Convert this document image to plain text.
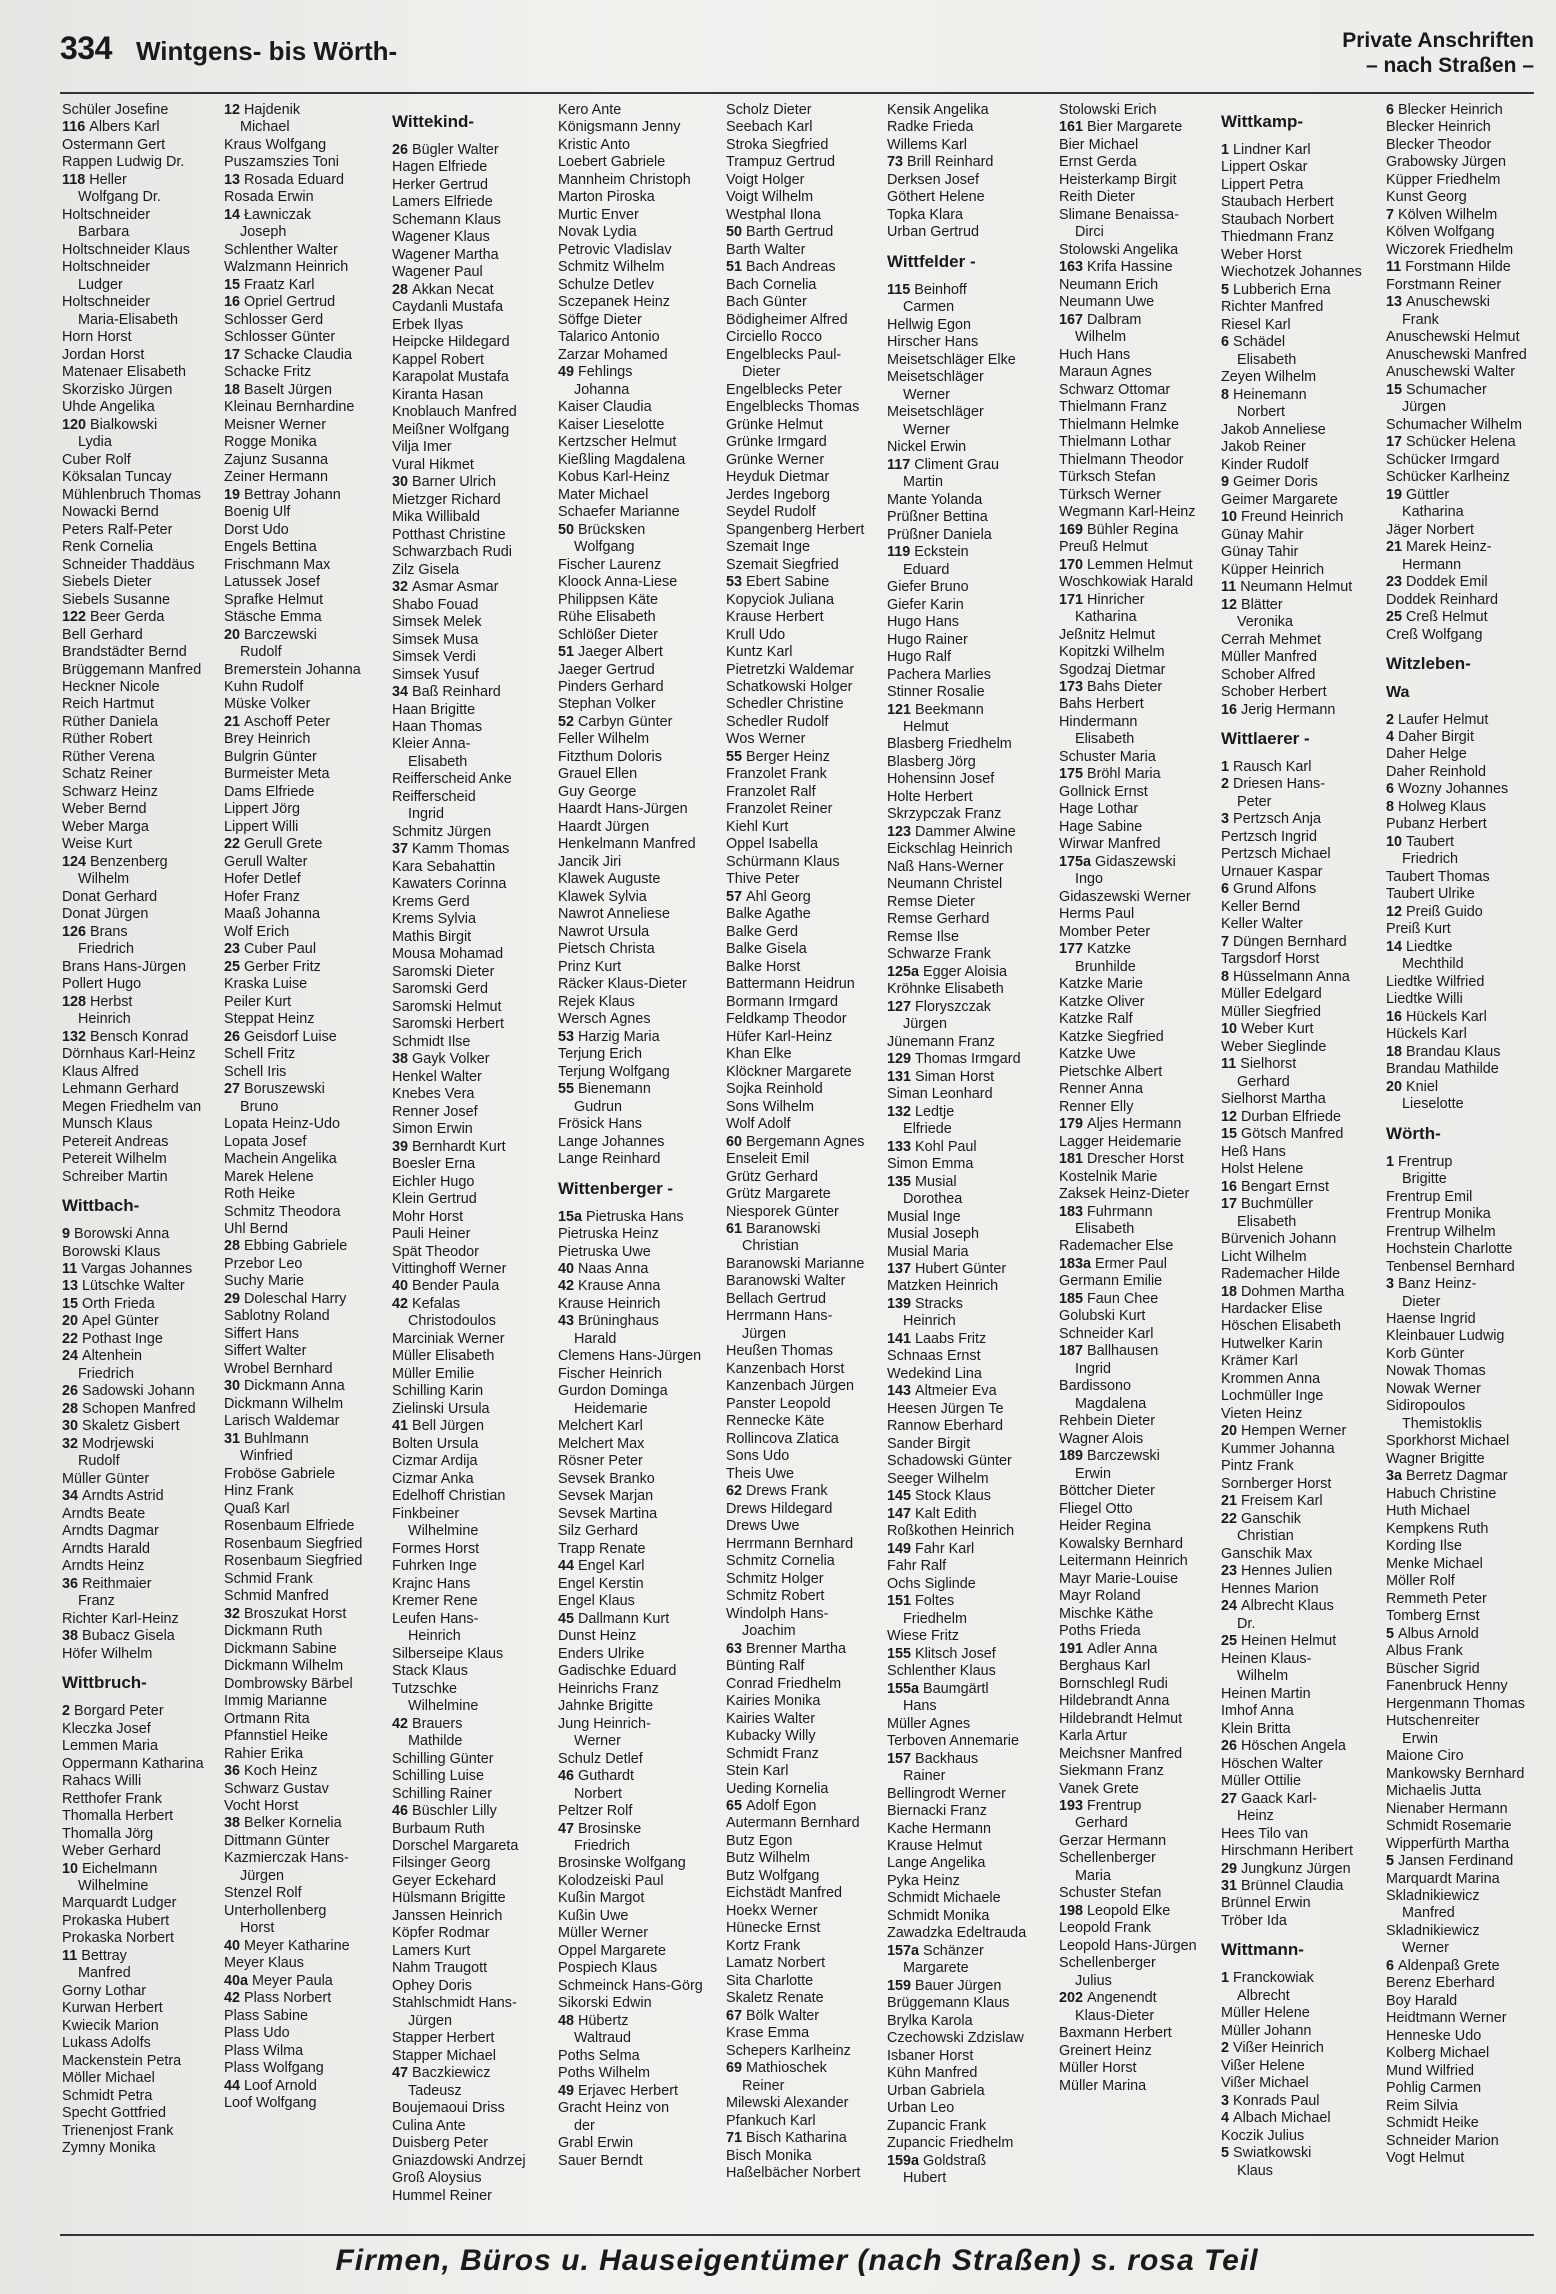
334 Wintgens- bis Wörth-	Private Anschriften
– nach Straßen –
Schüler Josefine
116 Albers Karl
Ostermann Gert
Rappen Ludwig Dr.
118 Heller
Wolfgang Dr.
Holtschneider
Barbara
Holtschneider Klaus
Holtschneider
Ludger
Holtschneider
Maria-Elisabeth
Horn Horst
Jordan Horst
Matenaer Elisabeth
Skorzisko Jürgen
Uhde Angelika
120 Bialkowski
Lydia
Cuber Rolf
Köksalan Tuncay
Mühlenbruch Thomas
Nowacki Bernd
Peters Ralf-Peter
Renk Cornelia
Schneider Thaddäus
Siebels Dieter
Siebels Susanne
122 Beer Gerda
Bell Gerhard
Brandstädter Bernd
Brüggemann Manfred
Heckner Nicole
Reich Hartmut
Rüther Daniela
Rüther Robert
Rüther Verena
Schatz Reiner
Schwarz Heinz
Weber Bernd
Weber Marga
Weise Kurt
124 Benzenberg
Wilhelm
Donat Gerhard
Donat Jürgen
126 Brans
Friedrich
Brans Hans-Jürgen
Pollert Hugo
128 Herbst
Heinrich
132 Bensch Konrad
Dörnhaus Karl-Heinz
Klaus Alfred
Lehmann Gerhard
Megen Friedhelm van
Munsch Klaus
Petereit Andreas
Petereit Wilhelm
Schreiber Martin
Wittbach-
9 Borowski Anna
Borowski Klaus
11 Vargas Johannes
13 Lütschke Walter
15 Orth Frieda
20 Apel Günter
22 Pothast Inge
24 Altenhein
Friedrich
26 Sadowski Johann
28 Schopen Manfred
30 Skaletz Gisbert
32 Modrjewski
Rudolf
Müller Günter
34 Arndts Astrid
Arndts Beate
Arndts Dagmar
Arndts Harald
Arndts Heinz
36 Reithmaier
Franz
Richter Karl-Heinz
38 Bubacz Gisela
Höfer Wilhelm
Wittbruch-
2 Borgard Peter
Kleczka Josef
Lemmen Maria
Oppermann Katharina
Rahacs Willi
Retthofer Frank
Thomalla Herbert
Thomalla Jörg
Weber Gerhard
10 Eichelmann
Wilhelmine
Marquardt Ludger
Prokaska Hubert
Prokaska Norbert
11 Bettray
Manfred
Gorny Lothar
Kurwan Herbert
Kwiecik Marion
Lukass Adolfs
Mackenstein Petra
Möller Michael
Schmidt Petra
Specht Gottfried
Trienenjost Frank
Zymny Monika
12 Hajdenik
Michael
Kraus Wolfgang
Puszamszies Toni
13 Rosada Eduard
Rosada Erwin
14 Ławniczak
Joseph
Schlenther Walter
Walzmann Heinrich
15 Fraatz Karl
16 Opriel Gertrud
Schlosser Gerd
Schlosser Günter
17 Schacke Claudia
Schacke Fritz
18 Baselt Jürgen
Kleinau Bernhardine
Meisner Werner
Rogge Monika
Zajunz Susanna
Zeiner Hermann
19 Bettray Johann
Boenig Ulf
Dorst Udo
Engels Bettina
Frischmann Max
Latussek Josef
Sprafke Helmut
Stäsche Emma
20 Barczewski
Rudolf
Bremerstein Johanna
Kuhn Rudolf
Müske Volker
21 Aschoff Peter
Brey Heinrich
Bulgrin Günter
Burmeister Meta
Dams Elfriede
Lippert Jörg
Lippert Willi
22 Gerull Grete
Gerull Walter
Hofer Detlef
Hofer Franz
Maaß Johanna
Wolf Erich
23 Cuber Paul
25 Gerber Fritz
Kraska Luise
Peiler Kurt
Steppat Heinz
26 Geisdorf Luise
Schell Fritz
Schell Iris
27 Boruszewski
Bruno
Lopata Heinz-Udo
Lopata Josef
Machein Angelika
Marek Helene
Roth Heike
Schmitz Theodora
Uhl Bernd
28 Ebbing Gabriele
Przebor Leo
Suchy Marie
29 Doleschal Harry
Sablotny Roland
Siffert Hans
Siffert Walter
Wrobel Bernhard
30 Dickmann Anna
Dickmann Wilhelm
Larisch Waldemar
31 Buhlmann
Winfried
Froböse Gabriele
Hinz Frank
Quaß Karl
Rosenbaum Elfriede
Rosenbaum Siegfried
Rosenbaum Siegfried
Schmid Frank
Schmid Manfred
32 Broszukat Horst
Dickmann Ruth
Dickmann Sabine
Dickmann Wilhelm
Dombrowsky Bärbel
Immig Marianne
Ortmann Rita
Pfannstiel Heike
Rahier Erika
36 Koch Heinz
Schwarz Gustav
Vocht Horst
38 Belker Kornelia
Dittmann Günter
Kazmierczak Hans-
Jürgen
Stenzel Rolf
Unterhollenberg
Horst
40 Meyer Katharine
Meyer Klaus
40a Meyer Paula
42 Plass Norbert
Plass Sabine
Plass Udo
Plass Wilma
Plass Wolfgang
44 Loof Arnold
Loof Wolfgang
Wittekind-
26 Bügler Walter
Hagen Elfriede
Herker Gertrud
Lamers Elfriede
Schemann Klaus
Wagener Klaus
Wagener Martha
Wagener Paul
28 Akkan Necat
Caydanli Mustafa
Erbek Ilyas
Heipcke Hildegard
Kappel Robert
Karapolat Mustafa
Kiranta Hasan
Knoblauch Manfred
Meißner Wolfgang
Vilja Imer
Vural Hikmet
30 Barner Ulrich
Mietzger Richard
Mika Willibald
Potthast Christine
Schwarzbach Rudi
Zilz Gisela
32 Asmar Asmar
Shabo Fouad
Simsek Melek
Simsek Musa
Simsek Verdi
Simsek Yusuf
34 Baß Reinhard
Haan Brigitte
Haan Thomas
Kleier Anna-
Elisabeth
Reifferscheid Anke
Reifferscheid
Ingrid
Schmitz Jürgen
37 Kamm Thomas
Kara Sebahattin
Kawaters Corinna
Krems Gerd
Krems Sylvia
Mathis Birgit
Mousa Mohamad
Saromski Dieter
Saromski Gerd
Saromski Helmut
Saromski Herbert
Schmidt Ilse
38 Gayk Volker
Henkel Walter
Knebes Vera
Renner Josef
Simon Erwin
39 Bernhardt Kurt
Boesler Erna
Eichler Hugo
Klein Gertrud
Mohr Horst
Pauli Heiner
Spät Theodor
Vittinghoff Werner
40 Bender Paula
42 Kefalas
Christodoulos
Marciniak Werner
Müller Elisabeth
Müller Emilie
Schilling Karin
Zielinski Ursula
41 Bell Jürgen
Bolten Ursula
Cizmar Ardija
Cizmar Anka
Edelhoff Christian
Finkbeiner
Wilhelmine
Formes Horst
Fuhrken Inge
Krajnc Hans
Kremer Rene
Leufen Hans-
Heinrich
Silberseipe Klaus
Stack Klaus
Tutzschke
Wilhelmine
42 Brauers
Mathilde
Schilling Günter
Schilling Luise
Schilling Rainer
46 Büschler Lilly
Burbaum Ruth
Dorschel Margareta
Filsinger Georg
Geyer Eckehard
Hülsmann Brigitte
Janssen Heinrich
Köpfer Rodmar
Lamers Kurt
Nahm Traugott
Ophey Doris
Stahlschmidt Hans-
Jürgen
Stapper Herbert
Stapper Michael
47 Baczkiewicz
Tadeusz
Boujemaoui Driss
Culina Ante
Duisberg Peter
Gniazdowski Andrzej
Groß Aloysius
Hummel Reiner
Kero Ante
Königsmann Jenny
Kristic Anto
Loebert Gabriele
Mannheim Christoph
Marton Piroska
Murtic Enver
Novak Lydia
Petrovic Vladislav
Schmitz Wilhelm
Schulze Detlev
Sczepanek Heinz
Söffge Dieter
Talarico Antonio
Zarzar Mohamed
49 Fehlings
Johanna
Kaiser Claudia
Kaiser Lieselotte
Kertzscher Helmut
Kießling Magdalena
Kobus Karl-Heinz
Mater Michael
Schaefer Marianne
50 Brücksken
Wolfgang
Fischer Laurenz
Kloock Anna-Liese
Philippsen Käte
Rühe Elisabeth
Schlößer Dieter
51 Jaeger Albert
Jaeger Gertrud
Pinders Gerhard
Stephan Volker
52 Carbyn Günter
Feller Wilhelm
Fitzthum Doloris
Grauel Ellen
Guy George
Haardt Hans-Jürgen
Haardt Jürgen
Henkelmann Manfred
Jancik Jiri
Klawek Auguste
Klawek Sylvia
Nawrot Anneliese
Nawrot Ursula
Pietsch Christa
Prinz Kurt
Räcker Klaus-Dieter
Rejek Klaus
Wersch Agnes
53 Harzig Maria
Terjung Erich
Terjung Wolfgang
55 Bienemann
Gudrun
Frösick Hans
Lange Johannes
Lange Reinhard
Wittenberger -
15a Pietruska Hans
Pietruska Heinz
Pietruska Uwe
40 Naas Anna
42 Krause Anna
Krause Heinrich
43 Brüninghaus
Harald
Clemens Hans-Jürgen
Fischer Heinrich
Gurdon Dominga
Heidemarie
Melchert Karl
Melchert Max
Rösner Peter
Sevsek Branko
Sevsek Marjan
Sevsek Martina
Silz Gerhard
Trapp Renate
44 Engel Karl
Engel Kerstin
Engel Klaus
45 Dallmann Kurt
Dunst Heinz
Enders Ulrike
Gadischke Eduard
Heinrichs Franz
Jahnke Brigitte
Jung Heinrich-
Werner
Schulz Detlef
46 Guthardt
Norbert
Peltzer Rolf
47 Brosinske
Friedrich
Brosinske Wolfgang
Kolodzeiski Paul
Kußin Margot
Kußin Uwe
Müller Werner
Oppel Margarete
Pospiech Klaus
Schmeinck Hans-Görg
Sikorski Edwin
48 Hübertz
Waltraud
Poths Selma
Poths Wilhelm
49 Erjavec Herbert
Gracht Heinz von
der
Grabl Erwin
Sauer Berndt
Scholz Dieter
Seebach Karl
Stroka Siegfried
Trampuz Gertrud
Voigt Holger
Voigt Wilhelm
Westphal Ilona
50 Barth Gertrud
Barth Walter
51 Bach Andreas
Bach Cornelia
Bach Günter
Bödigheimer Alfred
Circiello Rocco
Engelblecks Paul-
Dieter
Engelblecks Peter
Engelblecks Thomas
Grünke Helmut
Grünke Irmgard
Grünke Werner
Heyduk Dietmar
Jerdes Ingeborg
Seydel Rudolf
Spangenberg Herbert
Szemait Inge
Szemait Siegfried
53 Ebert Sabine
Kopyciok Juliana
Krause Herbert
Krull Udo
Kuntz Karl
Pietretzki Waldemar
Schatkowski Holger
Schedler Christine
Schedler Rudolf
Wos Werner
55 Berger Heinz
Franzolet Frank
Franzolet Ralf
Franzolet Reiner
Kiehl Kurt
Oppel Isabella
Schürmann Klaus
Thive Peter
57 Ahl Georg
Balke Agathe
Balke Gerd
Balke Gisela
Balke Horst
Battermann Heidrun
Bormann Irmgard
Feldkamp Theodor
Hüfer Karl-Heinz
Khan Elke
Klöckner Margarete
Sojka Reinhold
Sons Wilhelm
Wolf Adolf
60 Bergemann Agnes
Enseleit Emil
Grütz Gerhard
Grütz Margarete
Niesporek Günter
61 Baranowski
Christian
Baranowski Marianne
Baranowski Walter
Bellach Gertrud
Herrmann Hans-
Jürgen
Heußen Thomas
Kanzenbach Horst
Kanzenbach Jürgen
Panster Leopold
Rennecke Käte
Rollincova Zlatica
Sons Udo
Theis Uwe
62 Drews Frank
Drews Hildegard
Drews Uwe
Herrmann Bernhard
Schmitz Cornelia
Schmitz Holger
Schmitz Robert
Windolph Hans-
Joachim
63 Brenner Martha
Bünting Ralf
Conrad Friedhelm
Kairies Monika
Kairies Walter
Kubacky Willy
Schmidt Franz
Stein Karl
Ueding Kornelia
65 Adolf Egon
Autermann Bernhard
Butz Egon
Butz Wilhelm
Butz Wolfgang
Eichstädt Manfred
Hoekx Werner
Hünecke Ernst
Kortz Frank
Lamatz Norbert
Sita Charlotte
Skaletz Renate
67 Bölk Walter
Krase Emma
Schepers Karlheinz
69 Mathioschek
Reiner
Milewski Alexander
Pfankuch Karl
71 Bisch Katharina
Bisch Monika
Haßelbächer Norbert
Kensik Angelika
Radke Frieda
Willems Karl
73 Brill Reinhard
Derksen Josef
Göthert Helene
Topka Klara
Urban Gertrud
Wittfelder -
115 Beinhoff
Carmen
Hellwig Egon
Hirscher Hans
Meisetschläger Elke
Meisetschläger
Werner
Meisetschläger
Werner
Nickel Erwin
117 Climent Grau
Martin
Mante Yolanda
Prüßner Bettina
Prüßner Daniela
119 Eckstein
Eduard
Giefer Bruno
Giefer Karin
Hugo Hans
Hugo Rainer
Hugo Ralf
Pachera Marlies
Stinner Rosalie
121 Beekmann
Helmut
Blasberg Friedhelm
Blasberg Jörg
Hohensinn Josef
Holte Herbert
Skrzypczak Franz
123 Dammer Alwine
Eickschlag Heinrich
Naß Hans-Werner
Neumann Christel
Remse Dieter
Remse Gerhard
Remse Ilse
Schwarze Frank
125a Egger Aloisia
Kröhnke Elisabeth
127 Floryszczak
Jürgen
Jünemann Franz
129 Thomas Irmgard
131 Siman Horst
Siman Leonhard
132 Ledtje
Elfriede
133 Kohl Paul
Simon Emma
135 Musial
Dorothea
Musial Inge
Musial Joseph
Musial Maria
137 Hubert Günter
Matzken Heinrich
139 Stracks
Heinrich
141 Laabs Fritz
Schnaas Ernst
Wedekind Lina
143 Altmeier Eva
Heesen Jürgen Te
Rannow Eberhard
Sander Birgit
Schadowski Günter
Seeger Wilhelm
145 Stock Klaus
147 Kalt Edith
Roßkothen Heinrich
149 Fahr Karl
Fahr Ralf
Ochs Siglinde
151 Foltes
Friedhelm
Wiese Fritz
155 Klitsch Josef
Schlenther Klaus
155a Baumgärtl
Hans
Müller Agnes
Terboven Annemarie
157 Backhaus
Rainer
Bellingrodt Werner
Biernacki Franz
Kache Hermann
Krause Helmut
Lange Angelika
Pyka Heinz
Schmidt Michaele
Schmidt Monika
Zawadzka Edeltrauda
157a Schänzer
Margarete
159 Bauer Jürgen
Brüggemann Klaus
Brylka Karola
Czechowski Zdzislaw
Isbaner Horst
Kühn Manfred
Urban Gabriela
Urban Leo
Zupancic Frank
Zupancic Friedhelm
159a Goldstraß
Hubert
Stolowski Erich
161 Bier Margarete
Bier Michael
Ernst Gerda
Heisterkamp Birgit
Reith Dieter
Slimane Benaissa-
Dirci
Stolowski Angelika
163 Krifa Hassine
Neumann Erich
Neumann Uwe
167 Dalbram
Wilhelm
Huch Hans
Maraun Agnes
Schwarz Ottomar
Thielmann Franz
Thielmann Helmke
Thielmann Lothar
Thielmann Theodor
Türksch Stefan
Türksch Werner
Wegmann Karl-Heinz
169 Bühler Regina
Preuß Helmut
170 Lemmen Helmut
Woschkowiak Harald
171 Hinricher
Katharina
Jeßnitz Helmut
Kopitzki Wilhelm
Sgodzaj Dietmar
173 Bahs Dieter
Bahs Herbert
Hindermann
Elisabeth
Schuster Maria
175 Bröhl Maria
Gollnick Ernst
Hage Lothar
Hage Sabine
Wirwar Manfred
175a Gidaszewski
Ingo
Gidaszewski Werner
Herms Paul
Momber Peter
177 Katzke
Brunhilde
Katzke Marie
Katzke Oliver
Katzke Ralf
Katzke Siegfried
Katzke Uwe
Pietschke Albert
Renner Anna
Renner Elly
179 Aljes Hermann
Lagger Heidemarie
181 Drescher Horst
Kostelnik Marie
Zaksek Heinz-Dieter
183 Fuhrmann
Elisabeth
Rademacher Else
183a Ermer Paul
Germann Emilie
185 Faun Chee
Golubski Kurt
Schneider Karl
187 Ballhausen
Ingrid
Bardissono
Magdalena
Rehbein Dieter
Wagner Alois
189 Barczewski
Erwin
Böttcher Dieter
Fliegel Otto
Heider Regina
Kowalsky Bernhard
Leitermann Heinrich
Mayr Marie-Louise
Mayr Roland
Mischke Käthe
Poths Frieda
191 Adler Anna
Berghaus Karl
Bornschlegl Rudi
Hildebrandt Anna
Hildebrandt Helmut
Karla Artur
Meichsner Manfred
Siekmann Franz
Vanek Grete
193 Frentrup
Gerhard
Gerzar Hermann
Schellenberger
Maria
Schuster Stefan
198 Leopold Elke
Leopold Frank
Leopold Hans-Jürgen
Schellenberger
Julius
202 Angenendt
Klaus-Dieter
Baxmann Herbert
Greinert Heinz
Müller Horst
Müller Marina
Wittkamp-
1 Lindner Karl
Lippert Oskar
Lippert Petra
Staubach Herbert
Staubach Norbert
Thiedmann Franz
Weber Horst
Wiechotzek Johannes
5 Lubberich Erna
Richter Manfred
Riesel Karl
6 Schädel
Elisabeth
Zeyen Wilhelm
8 Heinemann
Norbert
Jakob Anneliese
Jakob Reiner
Kinder Rudolf
9 Geimer Doris
Geimer Margarete
10 Freund Heinrich
Günay Mahir
Günay Tahir
Küpper Heinrich
11 Neumann Helmut
12 Blätter
Veronika
Cerrah Mehmet
Müller Manfred
Schober Alfred
Schober Herbert
16 Jerig Hermann
Wittlaerer -
1 Rausch Karl
2 Driesen Hans-
Peter
3 Pertzsch Anja
Pertzsch Ingrid
Pertzsch Michael
Urnauer Kaspar
6 Grund Alfons
Keller Bernd
Keller Walter
7 Düngen Bernhard
Targsdorf Horst
8 Hüsselmann Anna
Müller Edelgard
Müller Siegfried
10 Weber Kurt
Weber Sieglinde
11 Sielhorst
Gerhard
Sielhorst Martha
12 Durban Elfriede
15 Götsch Manfred
Heß Hans
Holst Helene
16 Bengart Ernst
17 Buchmüller
Elisabeth
Bürvenich Johann
Licht Wilhelm
Rademacher Hilde
18 Dohmen Martha
Hardacker Elise
Höschen Elisabeth
Hutwelker Karin
Krämer Karl
Krommen Anna
Lochmüller Inge
Vieten Heinz
20 Hempen Werner
Kummer Johanna
Pintz Frank
Sornberger Horst
21 Freisem Karl
22 Ganschik
Christian
Ganschik Max
23 Hennes Julien
Hennes Marion
24 Albrecht Klaus
Dr.
25 Heinen Helmut
Heinen Klaus-
Wilhelm
Heinen Martin
Imhof Anna
Klein Britta
26 Höschen Angela
Höschen Walter
Müller Ottilie
27 Gaack Karl-
Heinz
Hees Tilo van
Hirschmann Heribert
29 Jungkunz Jürgen
31 Brünnel Claudia
Brünnel Erwin
Tröber Ida
Wittmann-
1 Franckowiak
Albrecht
Müller Helene
Müller Johann
2 Vißer Heinrich
Vißer Helene
Vißer Michael
3 Konrads Paul
4 Albach Michael
Koczik Julius
5 Swiatkowski
Klaus
6 Blecker Heinrich
Blecker Heinrich
Blecker Theodor
Grabowsky Jürgen
Küpper Friedhelm
Kunst Georg
7 Kölven Wilhelm
Kölven Wolfgang
Wiczorek Friedhelm
11 Forstmann Hilde
Forstmann Reiner
13 Anuschewski
Frank
Anuschewski Helmut
Anuschewski Manfred
Anuschewski Walter
15 Schumacher
Jürgen
Schumacher Wilhelm
17 Schücker Helena
Schücker Irmgard
Schücker Karlheinz
19 Güttler
Katharina
Jäger Norbert
21 Marek Heinz-
Hermann
23 Doddek Emil
Doddek Reinhard
25 Creß Helmut
Creß Wolfgang
Witzleben-
Wa
2 Laufer Helmut
4 Daher Birgit
Daher Helge
Daher Reinhold
6 Wozny Johannes
8 Holweg Klaus
Pubanz Herbert
10 Taubert
Friedrich
Taubert Thomas
Taubert Ulrike
12 Preiß Guido
Preiß Kurt
14 Liedtke
Mechthild
Liedtke Wilfried
Liedtke Willi
16 Hückels Karl
Hückels Karl
18 Brandau Klaus
Brandau Mathilde
20 Kniel
Lieselotte
Wörth-
1 Frentrup
Brigitte
Frentrup Emil
Frentrup Monika
Frentrup Wilhelm
Hochstein Charlotte
Tenbensel Bernhard
3 Banz Heinz-
Dieter
Haense Ingrid
Kleinbauer Ludwig
Korb Günter
Nowak Thomas
Nowak Werner
Sidiropoulos
Themistoklis
Sporkhorst Michael
Wagner Brigitte
3a Berretz Dagmar
Habuch Christine
Huth Michael
Kempkens Ruth
Kording Ilse
Menke Michael
Möller Rolf
Remmeth Peter
Tomberg Ernst
5 Albus Arnold
Albus Frank
Büscher Sigrid
Fanenbruck Henny
Hergenmann Thomas
Hutschenreiter
Erwin
Maione Ciro
Mankowsky Bernhard
Michaelis Jutta
Nienaber Hermann
Schmidt Rosemarie
Wipperfürth Martha
5 Jansen Ferdinand
Marquardt Marina
Skladnikiewicz
Manfred
Skladnikiewicz
Werner
6 Aldenpaß Grete
Berenz Eberhard
Boy Harald
Heidtmann Werner
Henneske Udo
Kolberg Michael
Mund Wilfried
Pohlig Carmen
Reim Silvia
Schmidt Heike
Schneider Marion
Vogt Helmut
Firmen, Büros u. Hauseigentümer (nach Straßen) s. rosa Teil
